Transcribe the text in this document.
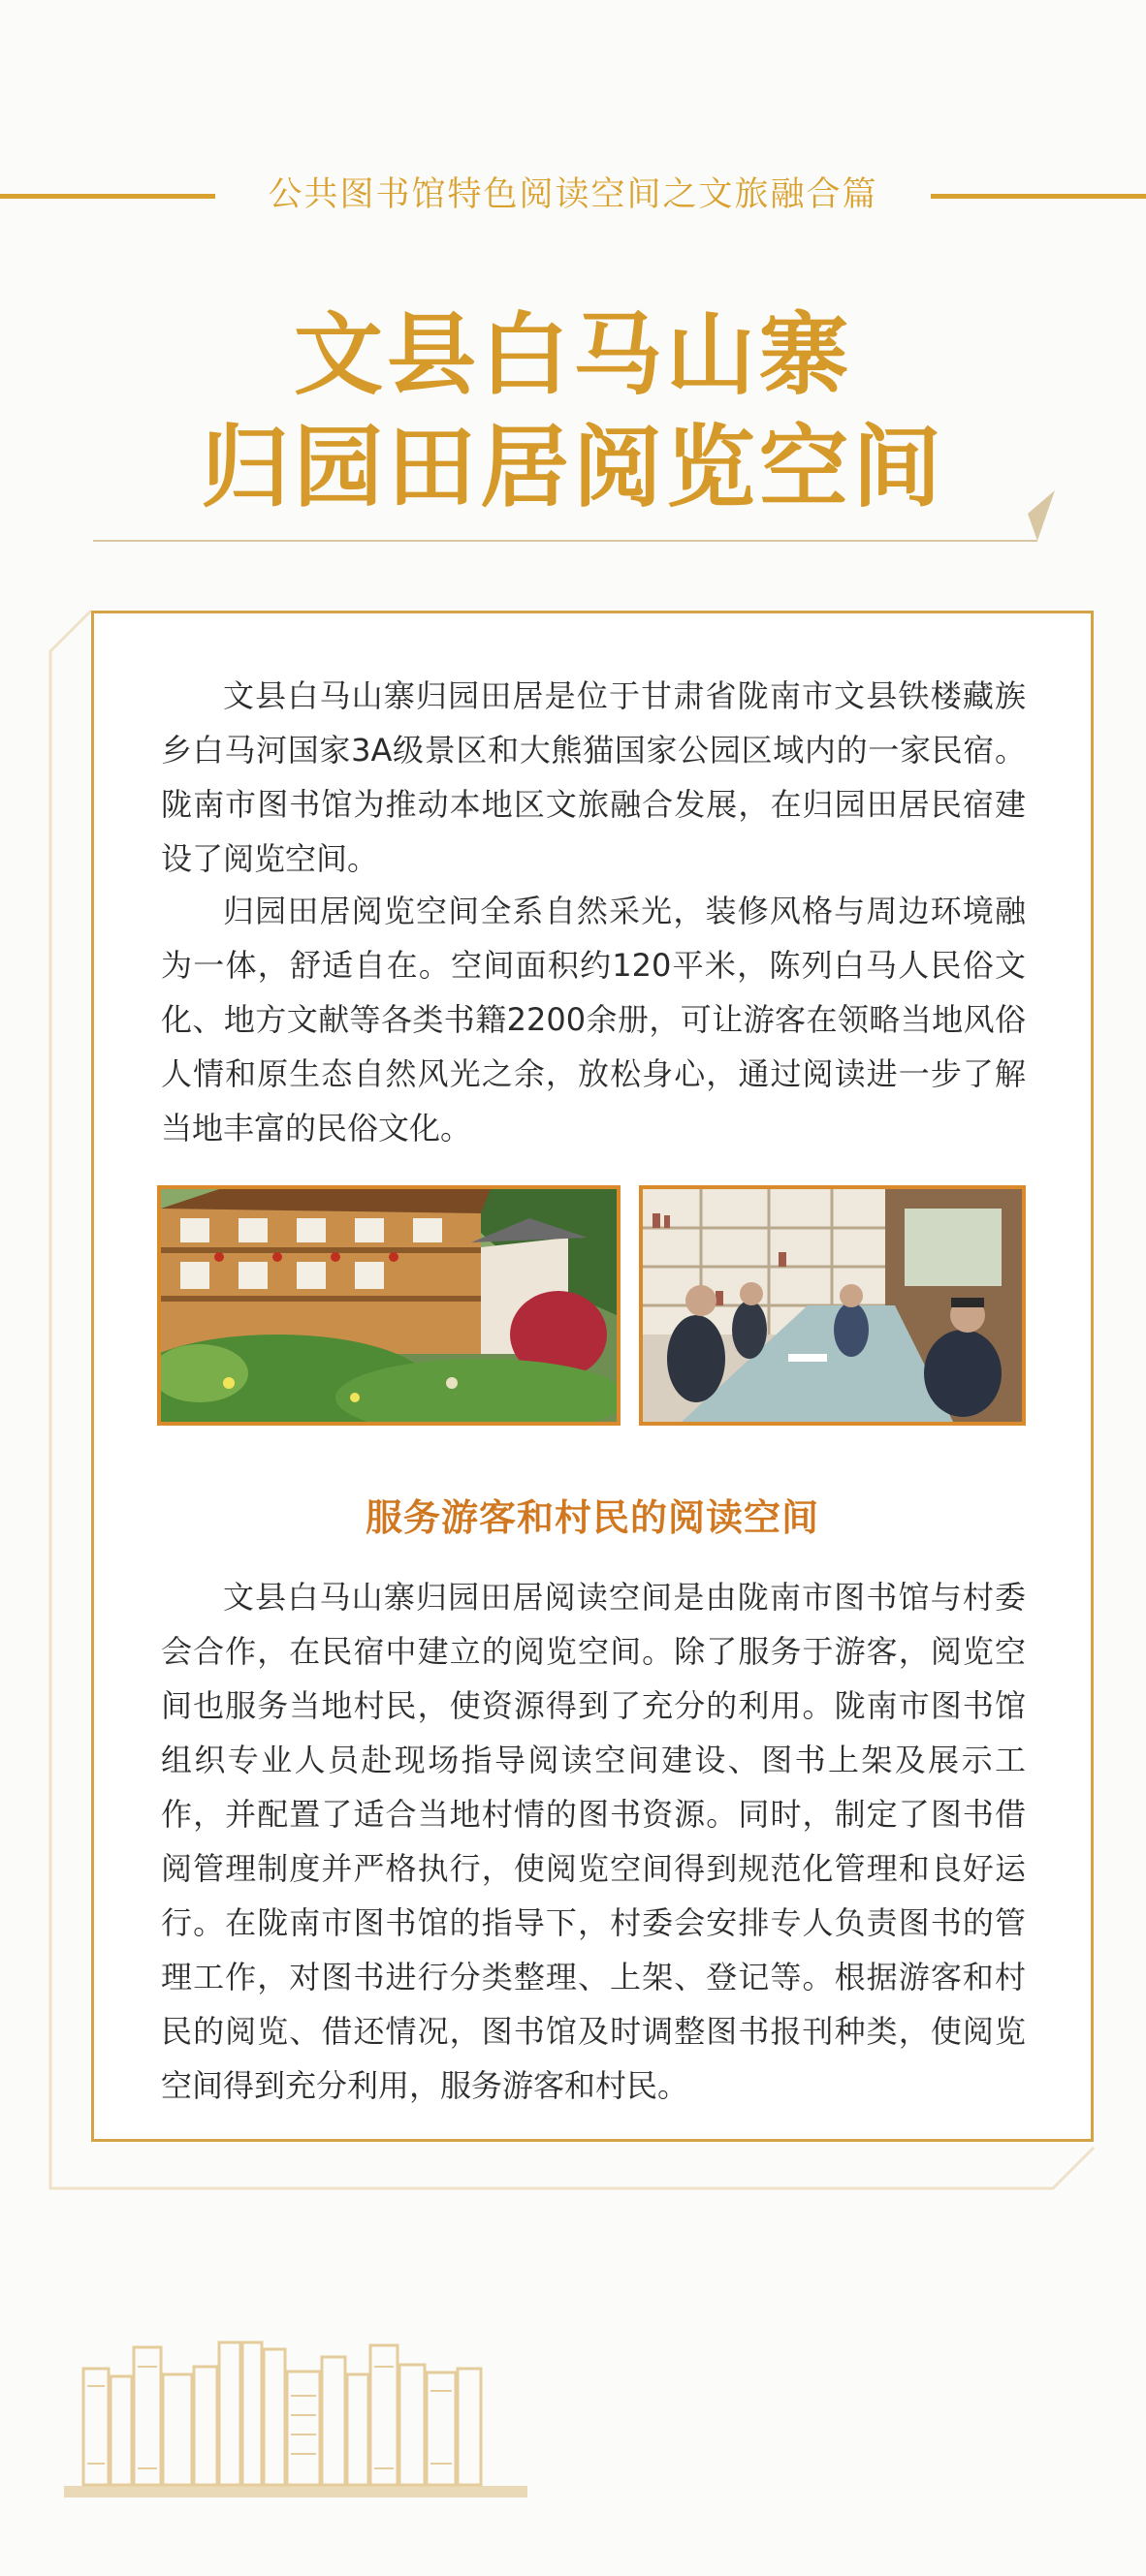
公共图书馆特色阅读空间之文旅融合篇
文县白马山寨
归园田居阅览空间

文县白马山寨归园田居是位于甘肃省陇南市文县铁楼藏族乡白马河国家3A级景区和大熊猫国家公园区域内的一家民宿。陇南市图书馆为推动本地区文旅融合发展，在归园田居民宿建设了阅览空间。

归园田居阅览空间全系自然采光，装修风格与周边环境融为一体，舒适自在。空间面积约120平米，陈列白马人民俗文化、地方文献等各类书籍2200余册，可让游客在领略当地风俗人情和原生态自然风光之余，放松身心，通过阅读进一步了解当地丰富的民俗文化。

服务游客和村民的阅读空间

文县白马山寨归园田居阅读空间是由陇南市图书馆与村委会合作，在民宿中建立的阅览空间。除了服务于游客，阅览空间也服务当地村民，使资源得到了充分的利用。陇南市图书馆组织专业人员赴现场指导阅读空间建设、图书上架及展示工作，并配置了适合当地村情的图书资源。同时，制定了图书借阅管理制度并严格执行，使阅览空间得到规范化管理和良好运行。在陇南市图书馆的指导下，村委会安排专人负责图书的管理工作，对图书进行分类整理、上架、登记等。根据游客和村民的阅览、借还情况，图书馆及时调整图书报刊种类，使阅览空间得到充分利用，服务游客和村民。
